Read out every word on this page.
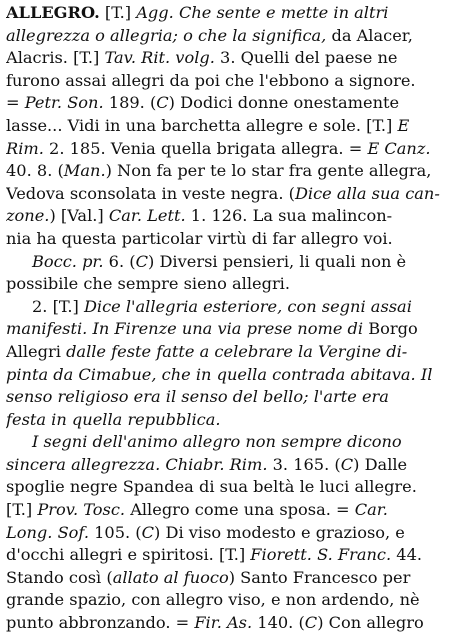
ALLEGRO. [T.] Agg. Che sente e mette in altri
allegrezza o allegria; o che la significa, da Alacer,
Alacris. [T.] Tav. Rit. volg. 3. Quelli del paese ne
furono assai allegri da poi che l'ebbono a signore.
= Petr. Son. 189. (C) Dodici donne onestamente
lasse... Vidi in una barchetta allegre e sole. [T.] E
Rim. 2. 185. Venia quella brigata allegra. = E Canz.
40. 8. (Man.) Non fa per te lo star fra gente allegra,
Vedova sconsolata in veste negra. (Dice alla sua can-
zone.) [Val.] Car. Lett. 1. 126. La sua malincon-
nia ha questa particolar virtù di far allegro voi.
Bocc. pr. 6. (C) Diversi pensieri, li quali non è
possibile che sempre sieno allegri.
2. [T.] Dice l'allegria esteriore, con segni assai
manifesti. In Firenze una via prese nome di Borgo
Allegri dalle feste fatte a celebrare la Vergine di-
pinta da Cimabue, che in quella contrada abitava. Il
senso religioso era il senso del bello; l'arte era
festa in quella repubblica.
I segni dell'animo allegro non sempre dicono
sincera allegrezza. Chiabr. Rim. 3. 165. (C) Dalle
spoglie negre Spandea di sua beltà le luci allegre.
[T.] Prov. Tosc. Allegro come una sposa. = Car.
Long. Sof. 105. (C) Di viso modesto e grazioso, e
d'occhi allegri e spiritosi. [T.] Fiorett. S. Franc. 44.
Stando così (allato al fuoco) Santo Francesco per
grande spazio, con allegro viso, e non ardendo, nè
punto abbronzando. = Fir. As. 140. (C) Con allegro
